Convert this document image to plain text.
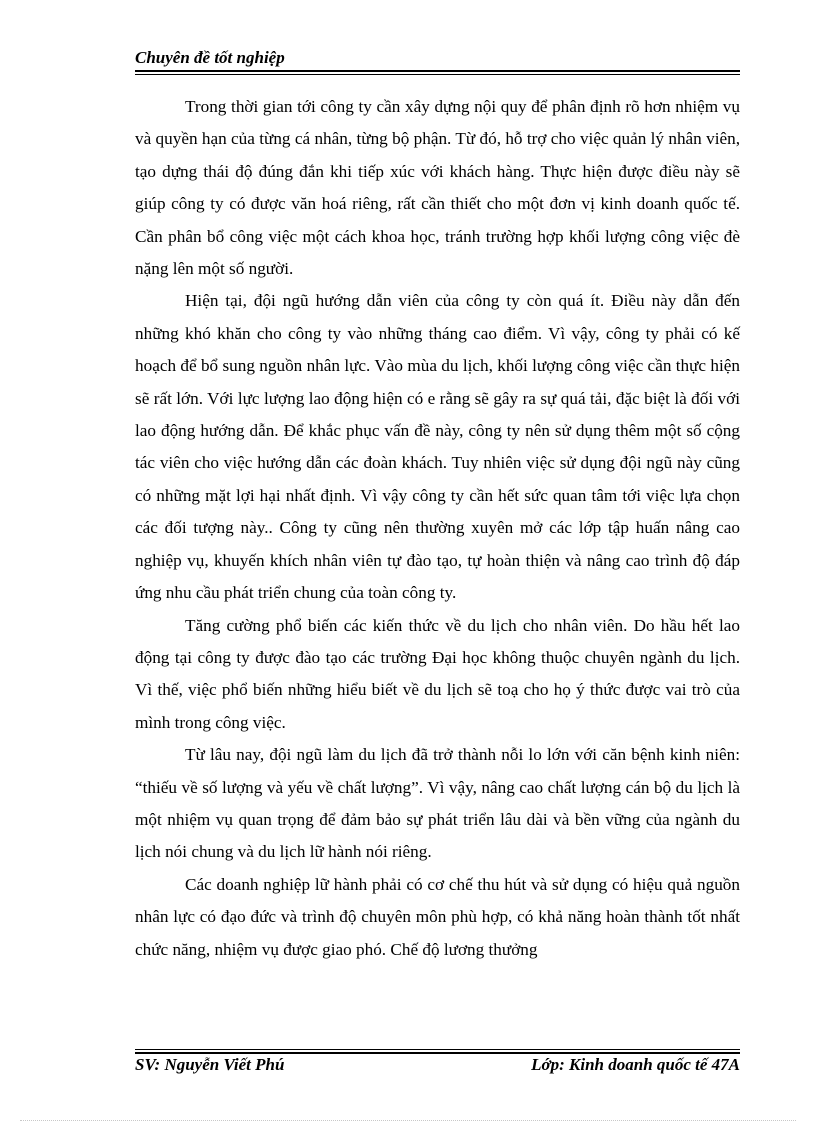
Chuyên đề tốt nghiệp

Trong thời gian tới công ty cần xây dựng nội quy để phân định rõ hơn nhiệm vụ và quyền hạn của từng cá nhân, từng bộ phận. Từ đó, hỗ trợ cho việc quản lý nhân viên, tạo dựng thái độ đúng đắn khi tiếp xúc với khách hàng. Thực hiện được điều này sẽ giúp công ty có được văn hoá riêng, rất cần thiết cho một đơn vị kinh doanh quốc tế. Cần phân bổ công việc một cách khoa học, tránh trường hợp khối lượng công việc đè nặng lên một số người.

Hiện tại, đội ngũ hướng dẫn viên của công ty còn quá ít. Điều này dẫn đến những khó khăn cho công ty vào những tháng cao điểm. Vì vậy, công ty phải có kế hoạch để bổ sung nguồn nhân lực. Vào mùa du lịch, khối lượng công việc cần thực hiện sẽ rất lớn. Với lực lượng lao động hiện có e rằng sẽ gây ra sự quá tải, đặc biệt là đối với lao động hướng dẫn. Để khắc phục vấn đề này, công ty nên sử dụng thêm một số cộng tác viên cho việc hướng dẫn các đoàn khách. Tuy nhiên việc sử dụng đội ngũ này cũng có những mặt lợi hại nhất định. Vì vậy công ty cần hết sức quan tâm tới việc lựa chọn các đối tượng này.. Công ty cũng nên thường xuyên mở các lớp tập huấn nâng cao nghiệp vụ, khuyến khích nhân viên tự đào tạo, tự hoàn thiện và nâng cao trình độ đáp ứng nhu cầu phát triển chung của toàn công ty.

Tăng cường phổ biến các kiến thức về du lịch cho nhân viên. Do hầu hết lao động tại công ty được đào tạo các trường Đại học không thuộc chuyên ngành du lịch. Vì thế, việc phổ biến những hiểu biết về du lịch sẽ toạ cho họ ý thức được vai trò của mình trong công việc.

Từ lâu nay, đội ngũ làm du lịch đã trở thành nỗi lo lớn với căn bệnh kinh niên: “thiếu về số lượng và yếu về chất lượng”. Vì vậy, nâng cao chất lượng cán bộ du lịch là một nhiệm vụ quan trọng để đảm bảo sự phát triển lâu dài và bền vững của ngành du lịch nói chung và du lịch lữ hành nói riêng.

Các doanh nghiệp lữ hành phải có cơ chế thu hút và sử dụng có hiệu quả nguồn nhân lực có đạo đức và trình độ chuyên môn phù hợp, có khả năng hoàn thành tốt nhất chức năng, nhiệm vụ được giao phó. Chế độ lương thưởng

SV: Nguyễn Viết Phú	Lớp: Kinh doanh quốc tế 47A
